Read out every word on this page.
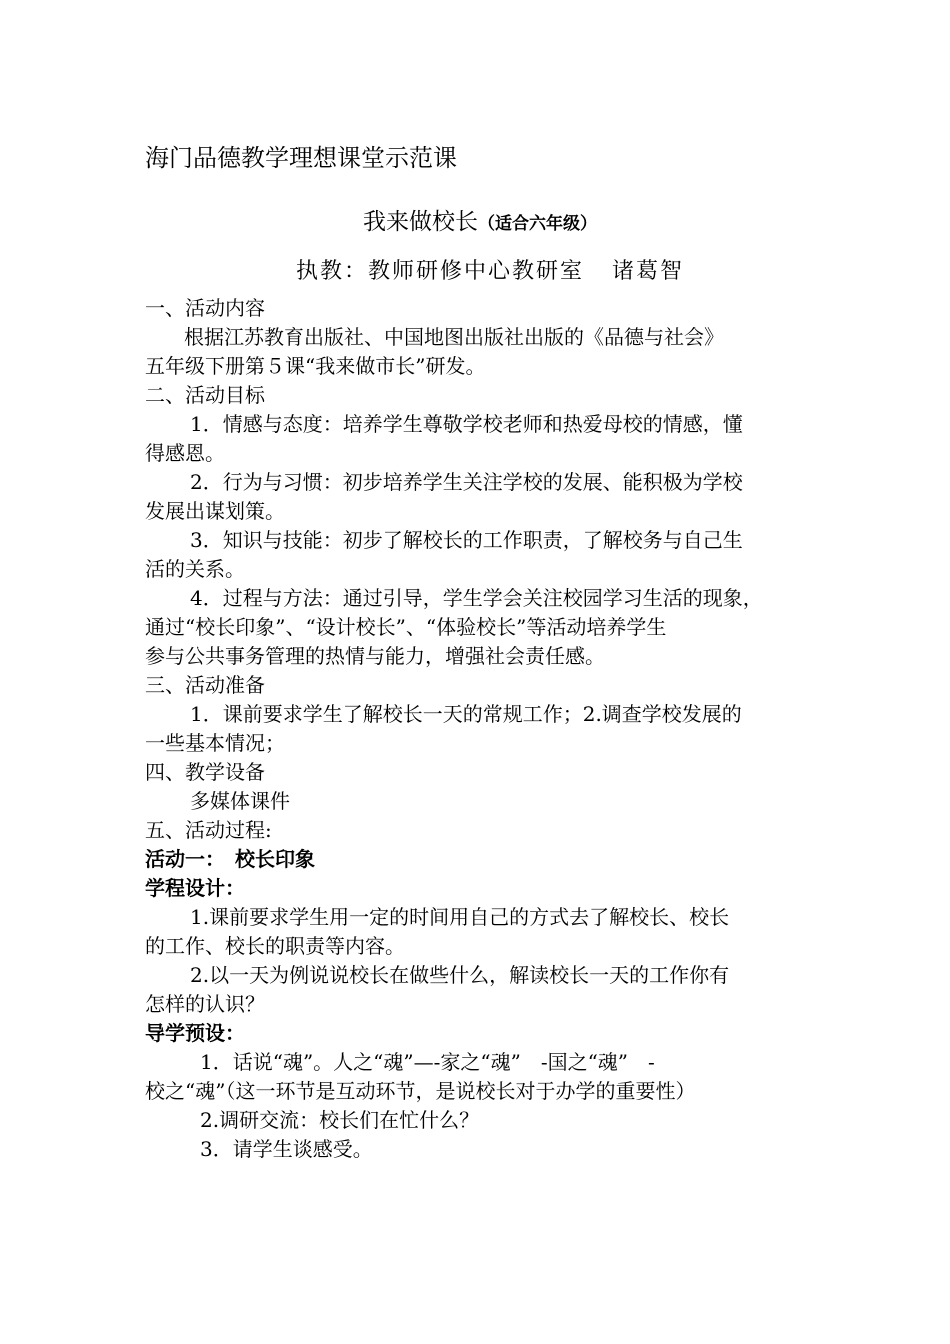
海门品德教学理想课堂示范课
我来做校长（适合六年级）
执教：教师研修中心教研室 诸葛智
一、活动内容
根据江苏教育出版社、中国地图出版社出版的《品德与社会》
五年级下册第５课“我来做市长”研发。
二、活动目标
1．情感与态度：培养学生尊敬学校老师和热爱母校的情感，懂
得感恩。
2．行为与习惯：初步培养学生关注学校的发展、能积极为学校
发展出谋划策。
3．知识与技能：初步了解校长的工作职责，了解校务与自己生
活的关系。
4．过程与方法：通过引导，学生学会关注校园学习生活的现象，
通过“校长印象”、“设计校长”、“体验校长”等活动培养学生
参与公共事务管理的热情与能力，增强社会责任感。
三、活动准备
1．课前要求学生了解校长一天的常规工作；2.调查学校发展的
一些基本情况；
四、教学设备
多媒体课件
五、活动过程:
活动一：　校长印象
学程设计：
1.课前要求学生用一定的时间用自己的方式去了解校长、校长
的工作、校长的职责等内容。
2.以一天为例说说校长在做些什么，解读校长一天的工作你有
怎样的认识？
导学预设：
1．话说“魂”。人之“魂”—-家之“魂”　-国之“魂”　-
校之“魂”（这一环节是互动环节，是说校长对于办学的重要性）
2.调研交流：校长们在忙什么？
3．请学生谈感受。
